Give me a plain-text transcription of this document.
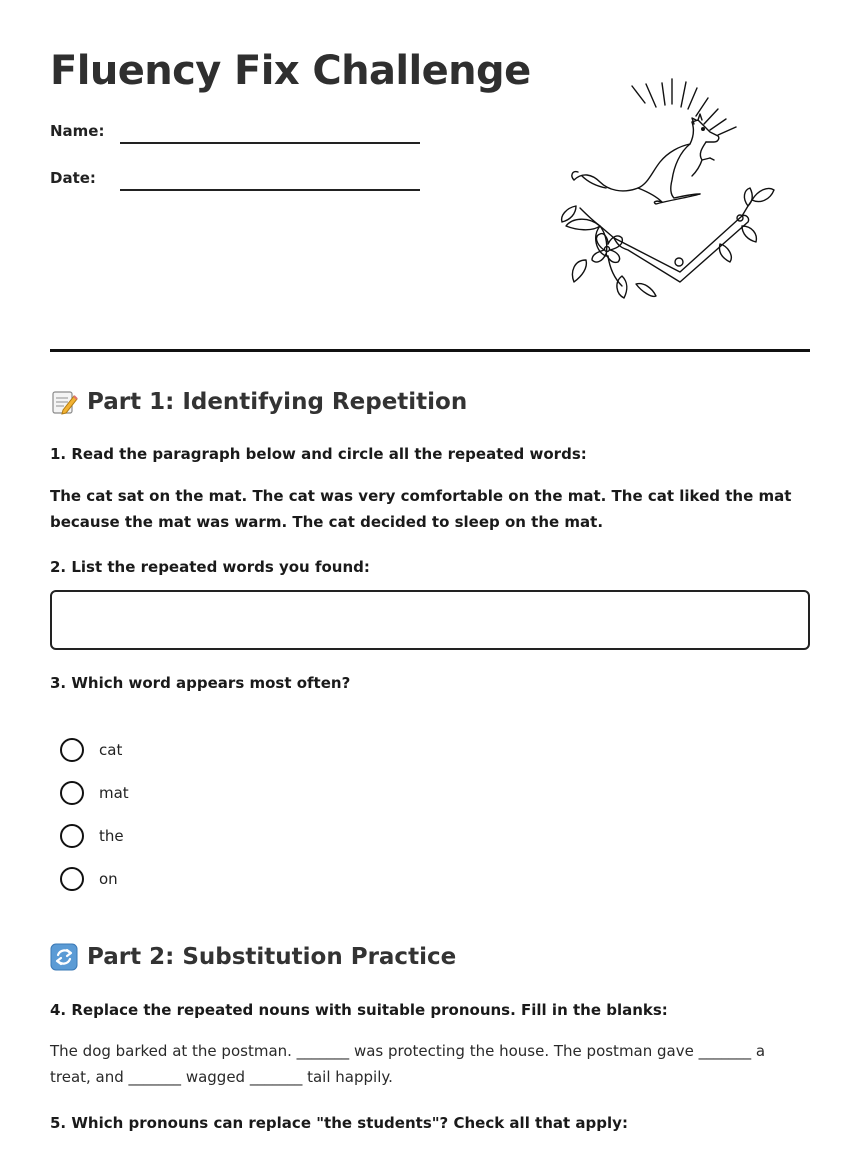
Fluency Fix Challenge
Name:
Date:
Part 1: Identifying Repetition
1. Read the paragraph below and circle all the repeated words:
The cat sat on the mat. The cat was very comfortable on the mat. The cat liked the mat because the mat was warm. The cat decided to sleep on the mat.
2. List the repeated words you found:
3. Which word appears most often?
cat
mat
the
on
Part 2: Substitution Practice
4. Replace the repeated nouns with suitable pronouns. Fill in the blanks:
The dog barked at the postman. _______ was protecting the house. The postman gave _______ a treat, and _______ wagged _______ tail happily.
5. Which pronouns can replace "the students"? Check all that apply:
